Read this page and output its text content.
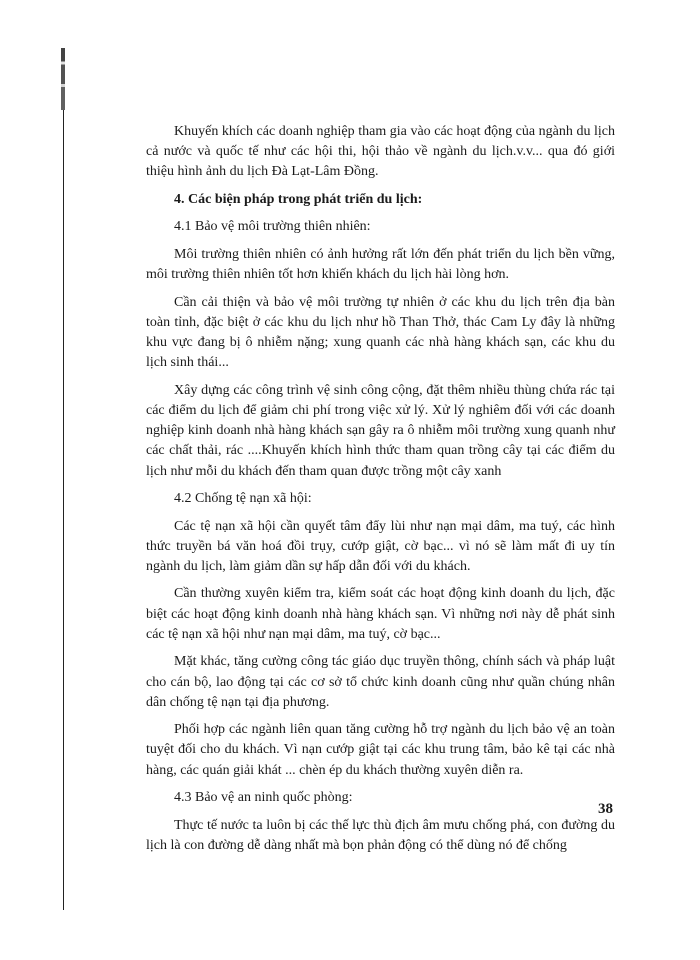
Khuyến khích các doanh nghiệp tham gia vào các hoạt động của ngành du lịch cả nước và quốc tế như các hội thi, hội thảo về ngành du lịch.v.v... qua đó giới thiệu hình ảnh du lịch Đà Lạt-Lâm Đồng.

4. Các biện pháp trong phát triển du lịch:

4.1 Bảo vệ môi trường thiên nhiên:

Môi trường thiên nhiên có ảnh hưởng rất lớn đến phát triển du lịch bền vững, môi trường thiên nhiên tốt hơn khiến khách du lịch hài lòng hơn.

Cần cải thiện và bảo vệ môi trường tự nhiên ở các khu du lịch trên địa bàn toàn tỉnh, đặc biệt ở các khu du lịch như hồ Than Thở, thác Cam Ly đây là những khu vực đang bị ô nhiễm nặng; xung quanh các nhà hàng khách sạn, các khu du lịch sinh thái...

Xây dựng các công trình vệ sinh công cộng, đặt thêm nhiều thùng chứa rác tại các điểm du lịch để giảm chi phí trong việc xử lý. Xử lý nghiêm đối với các doanh nghiệp kinh doanh nhà hàng khách sạn gây ra ô nhiễm môi trường xung quanh như các chất thải, rác ....Khuyến khích hình thức tham quan trồng cây tại các điểm du lịch như mỗi du khách đến tham quan được trồng một cây xanh

4.2 Chống tệ nạn xã hội:

Các tệ nạn xã hội cần quyết tâm đẩy lùi như nạn mại dâm, ma tuý, các hình thức truyền bá văn hoá đồi trụy, cướp giật, cờ bạc... vì nó sẽ làm mất đi uy tín ngành du lịch, làm giảm dần sự hấp dẫn đối với du khách.

Cần thường xuyên kiểm tra, kiểm soát các hoạt động kinh doanh du lịch, đặc biệt các hoạt động kinh doanh nhà hàng khách sạn. Vì những nơi này dễ phát sinh các tệ nạn xã hội như nạn mại dâm, ma tuý, cờ bạc...

Mặt khác, tăng cường công tác giáo dục truyền thông, chính sách và pháp luật cho cán bộ, lao động tại các cơ sở tổ chức kinh doanh cũng như quần chúng nhân dân chống tệ nạn tại địa phương.

Phối hợp các ngành liên quan tăng cường hỗ trợ ngành du lịch bảo vệ an toàn tuyệt đối cho du khách. Vì nạn cướp giật tại các khu trung tâm, bảo kê tại các nhà hàng, các quán giải khát ... chèn ép du khách thường xuyên diễn ra.

4.3 Bảo vệ an ninh quốc phòng:

Thực tế nước ta luôn bị các thế lực thù địch âm mưu chống phá, con đường du lịch là con đường dễ dàng nhất mà bọn phản động có thể dùng nó để chống

38
